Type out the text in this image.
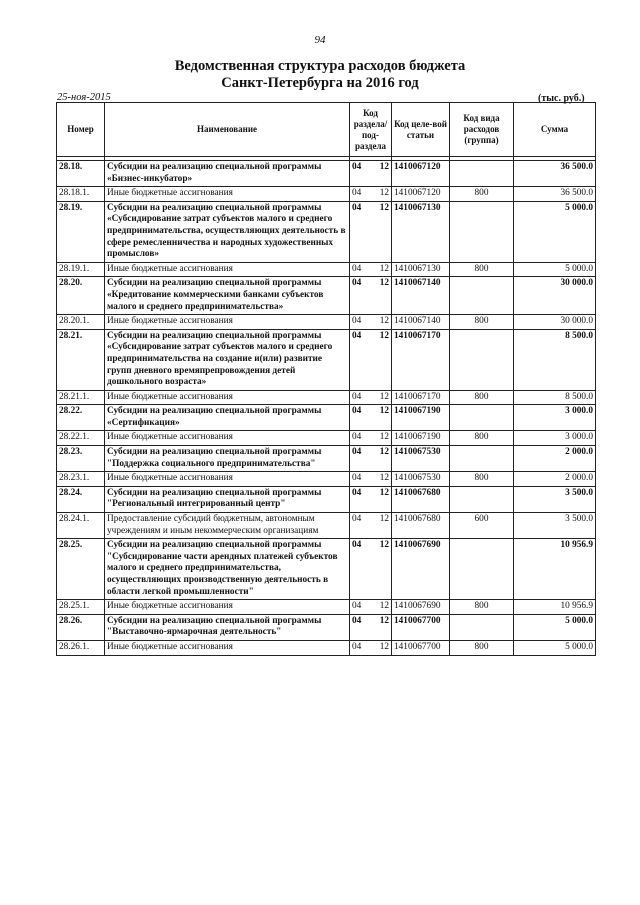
94
Ведомственная структура расходов бюджета
Санкт-Петербурга на 2016 год
25-ноя-2015	(тыс. руб.)
Номер	Наименование	Код раздела/ под-раздела		Код целе-вой статьи	Код вида расходов (группа)	Сумма

28.18.	Субсидии на реализацию специальной программы «Бизнес-инкубатор»	04	12	1410067120		36 500.0
28.18.1.	Иные бюджетные ассигнования	04	12	1410067120	800	36 500.0
28.19.	Субсидии на реализацию специальной программы «Субсидирование затрат субъектов малого и среднего предпринимательства, осуществляющих деятельность в сфере ремесленничества и народных художественных промыслов»	04	12	1410067130		5 000.0
28.19.1.	Иные бюджетные ассигнования	04	12	1410067130	800	5 000.0
28.20.	Субсидии на реализацию специальной программы «Кредитование коммерческими банками субъектов малого и среднего предпринимательства»	04	12	1410067140		30 000.0
28.20.1.	Иные бюджетные ассигнования	04	12	1410067140	800	30 000.0
28.21.	Субсидии на реализацию специальной программы «Субсидирование затрат субъектов малого и среднего предпринимательства на создание и(или) развитие групп дневного времяпрепровождения детей дошкольного возраста»	04	12	1410067170		8 500.0
28.21.1.	Иные бюджетные ассигнования	04	12	1410067170	800	8 500.0
28.22.	Субсидии на реализацию специальной программы «Сертификация»	04	12	1410067190		3 000.0
28.22.1.	Иные бюджетные ассигнования	04	12	1410067190	800	3 000.0
28.23.	Субсидии на реализацию специальной программы "Поддержка социального предпринимательства"	04	12	1410067530		2 000.0
28.23.1.	Иные бюджетные ассигнования	04	12	1410067530	800	2 000.0
28.24.	Субсидии на реализацию специальной программы "Региональный интегрированный центр"	04	12	1410067680		3 500.0
28.24.1.	Предоставление субсидий бюджетным, автономным учреждениям и иным некоммерческим организациям	04	12	1410067680	600	3 500.0
28.25.	Субсидии на реализацию специальной программы "Субсидирование части арендных платежей субъектов малого и среднего предпринимательства, осуществляющих производственную деятельность в области легкой промышленности"	04	12	1410067690		10 956.9
28.25.1.	Иные бюджетные ассигнования	04	12	1410067690	800	10 956.9
28.26.	Субсидии на реализацию специальной программы "Выставочно-ярмарочная деятельность"	04	12	1410067700		5 000.0
28.26.1.	Иные бюджетные ассигнования	04	12	1410067700	800	5 000.0
